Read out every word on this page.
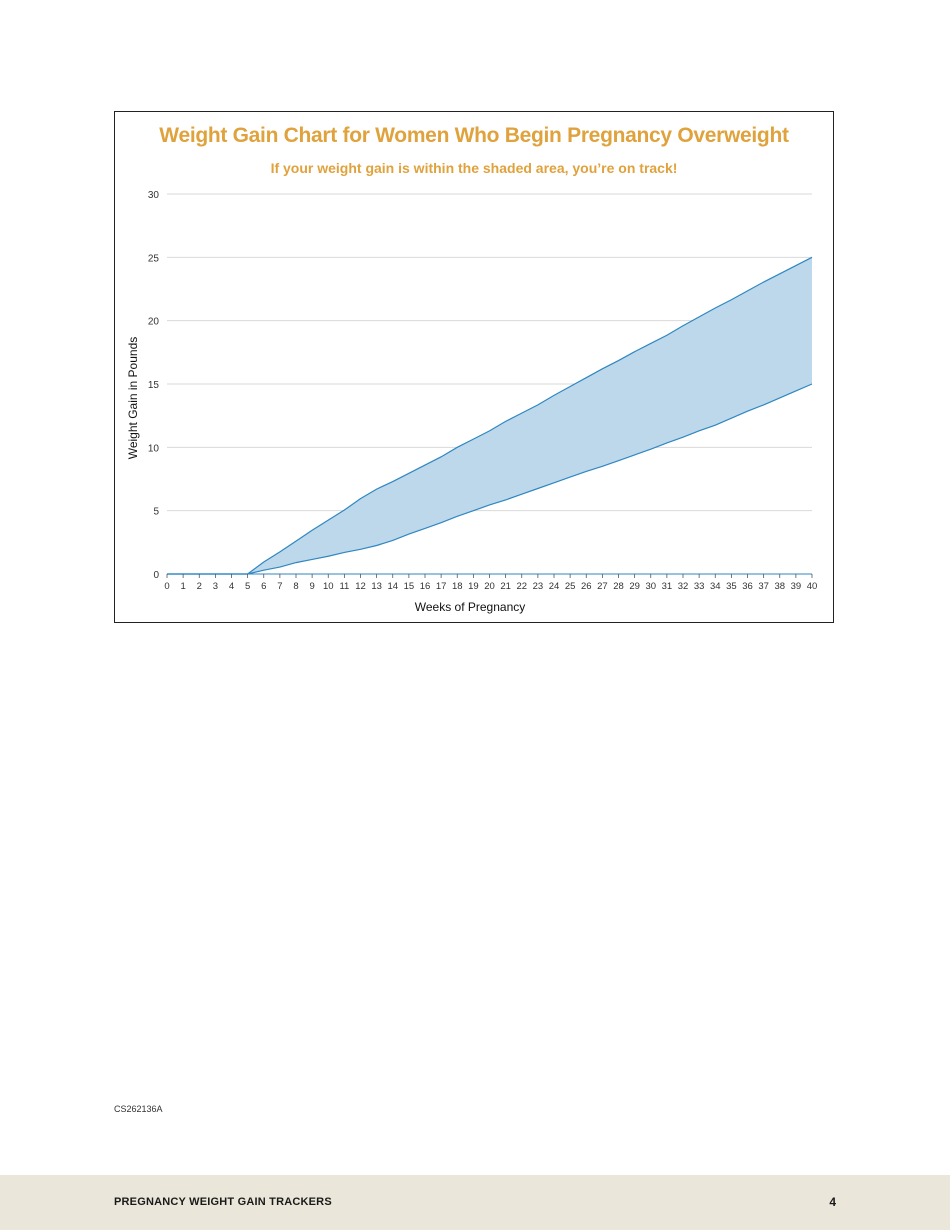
Weight Gain Chart for Women Who Begin Pregnancy Overweight

If your weight gain is within the shaded area, you’re on track!

0
5
10
15
20
25
30
0 1 2 3 4 5 6 7 8 9 10 11 12 13 14 15 16 17 18 19 20 21 22 23 24 25 26 27 28 29 30 31 32 33 34 35 36 37 38 39 40
Weeks of Pregnancy
Weight Gain in Pounds
CS262136A
PREGNANCY WEIGHT GAIN TRACKERS	4
